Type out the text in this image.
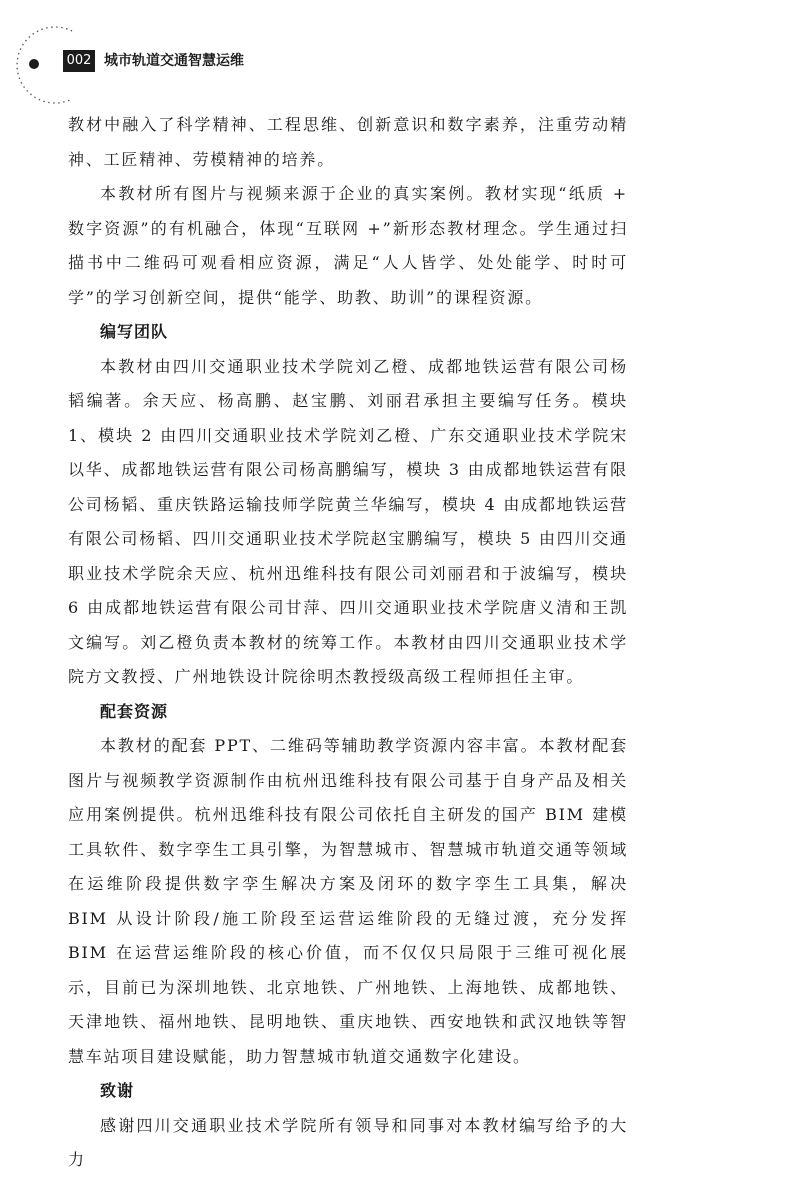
002 城市轨道交通智慧运维

教材中融入了科学精神、工程思维、创新意识和数字素养，注重劳动精神、工匠精神、劳模精神的培养。

本教材所有图片与视频来源于企业的真实案例。教材实现“纸质 + 数字资源”的有机融合，体现“互联网 +”新形态教材理念。学生通过扫描书中二维码可观看相应资源，满足“人人皆学、处处能学、时时可学”的学习创新空间，提供“能学、助教、助训”的课程资源。

编写团队

本教材由四川交通职业技术学院刘乙橙、成都地铁运营有限公司杨韬编著。余天应、杨高鹏、赵宝鹏、刘丽君承担主要编写任务。模块 1、模块 2 由四川交通职业技术学院刘乙橙、广东交通职业技术学院宋以华、成都地铁运营有限公司杨高鹏编写，模块 3 由成都地铁运营有限公司杨韬、重庆铁路运输技师学院黄兰华编写，模块 4 由成都地铁运营有限公司杨韬、四川交通职业技术学院赵宝鹏编写，模块 5 由四川交通职业技术学院余天应、杭州迅维科技有限公司刘丽君和于波编写，模块 6 由成都地铁运营有限公司甘萍、四川交通职业技术学院唐义清和王凯文编写。刘乙橙负责本教材的统筹工作。本教材由四川交通职业技术学院方文教授、广州地铁设计院徐明杰教授级高级工程师担任主审。

配套资源

本教材的配套 PPT、二维码等辅助教学资源内容丰富。本教材配套图片与视频教学资源制作由杭州迅维科技有限公司基于自身产品及相关应用案例提供。杭州迅维科技有限公司依托自主研发的国产 BIM 建模工具软件、数字孪生工具引擎，为智慧城市、智慧城市轨道交通等领域在运维阶段提供数字孪生解决方案及闭环的数字孪生工具集，解决 BIM 从设计阶段/施工阶段至运营运维阶段的无缝过渡，充分发挥 BIM 在运营运维阶段的核心价值，而不仅仅只局限于三维可视化展示，目前已为深圳地铁、北京地铁、广州地铁、上海地铁、成都地铁、天津地铁、福州地铁、昆明地铁、重庆地铁、西安地铁和武汉地铁等智慧车站项目建设赋能，助力智慧城市轨道交通数字化建设。

致谢

感谢四川交通职业技术学院所有领导和同事对本教材编写给予的大力
